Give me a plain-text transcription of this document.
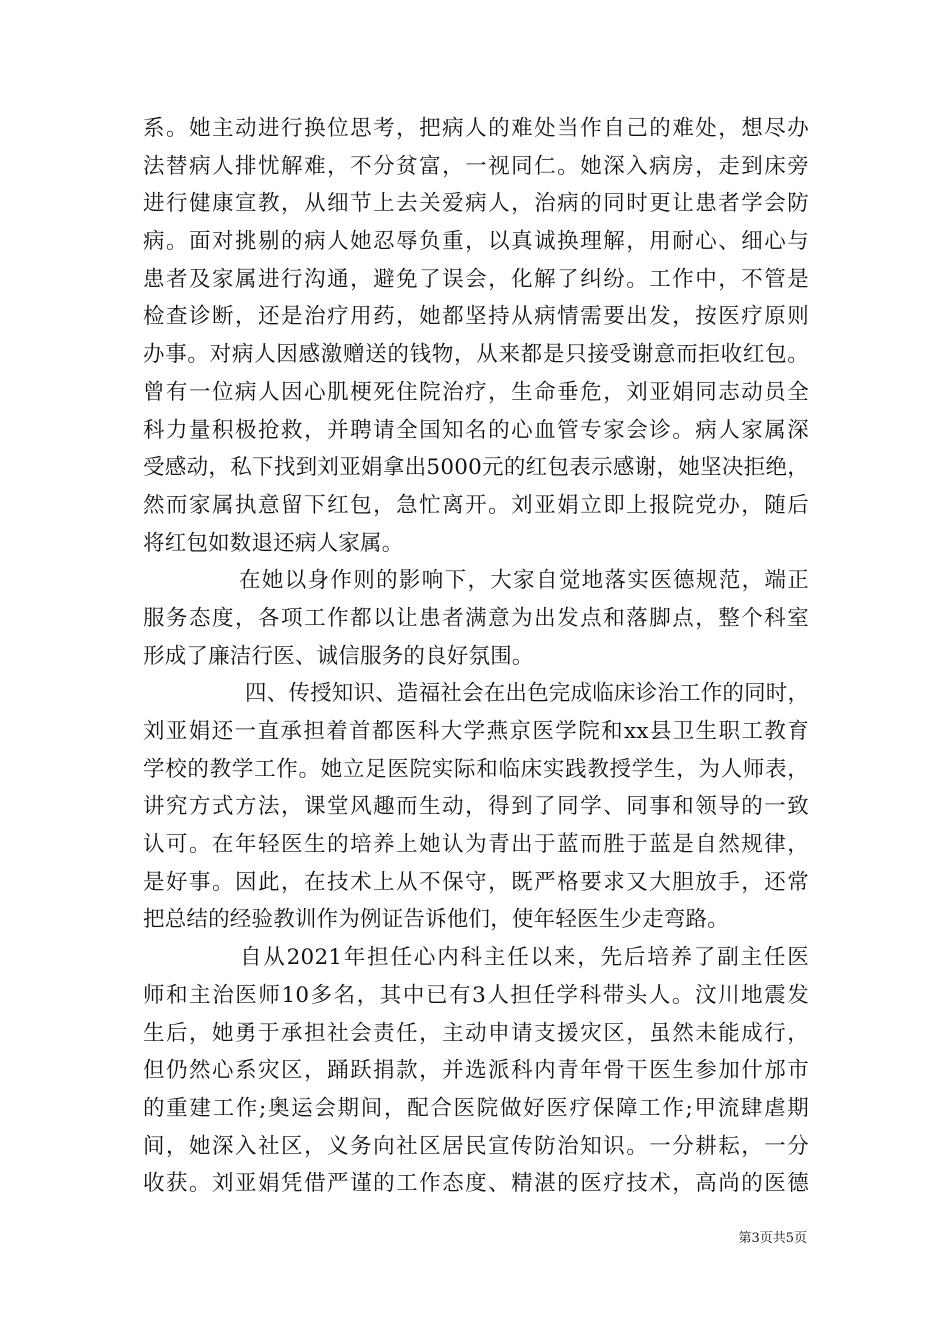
系。她主动进行换位思考，把病人的难处当作自己的难处，想尽办
法替病人排忧解难，不分贫富，一视同仁。她深入病房，走到床旁
进行健康宣教，从细节上去关爱病人，治病的同时更让患者学会防
病。面对挑剔的病人她忍辱负重，以真诚换理解，用耐心、细心与
患者及家属进行沟通，避免了误会，化解了纠纷。工作中，不管是
检查诊断，还是治疗用药，她都坚持从病情需要出发，按医疗原则
办事。对病人因感激赠送的钱物，从来都是只接受谢意而拒收红包。
曾有一位病人因心肌梗死住院治疗，生命垂危，刘亚娟同志动员全
科力量积极抢救，并聘请全国知名的心血管专家会诊。病人家属深
受感动，私下找到刘亚娟拿出5000元的红包表示感谢，她坚决拒绝，
然而家属执意留下红包，急忙离开。刘亚娟立即上报院党办，随后
将红包如数退还病人家属。
在她以身作则的影响下，大家自觉地落实医德规范，端正
服务态度，各项工作都以让患者满意为出发点和落脚点，整个科室
形成了廉洁行医、诚信服务的良好氛围。
四、传授知识、造福社会在出色完成临床诊治工作的同时，
刘亚娟还一直承担着首都医科大学燕京医学院和xx县卫生职工教育
学校的教学工作。她立足医院实际和临床实践教授学生，为人师表，
讲究方式方法，课堂风趣而生动，得到了同学、同事和领导的一致
认可。在年轻医生的培养上她认为青出于蓝而胜于蓝是自然规律，
是好事。因此，在技术上从不保守，既严格要求又大胆放手，还常
把总结的经验教训作为例证告诉他们，使年轻医生少走弯路。
自从2021年担任心内科主任以来，先后培养了副主任医
师和主治医师10多名，其中已有3人担任学科带头人。汶川地震发
生后，她勇于承担社会责任，主动申请支援灾区，虽然未能成行，
但仍然心系灾区，踊跃捐款，并选派科内青年骨干医生参加什邡市
的重建工作;奥运会期间，配合医院做好医疗保障工作;甲流肆虐期
间，她深入社区，义务向社区居民宣传防治知识。一分耕耘，一分
收获。刘亚娟凭借严谨的工作态度、精湛的医疗技术，高尚的医德
第3页共5页
